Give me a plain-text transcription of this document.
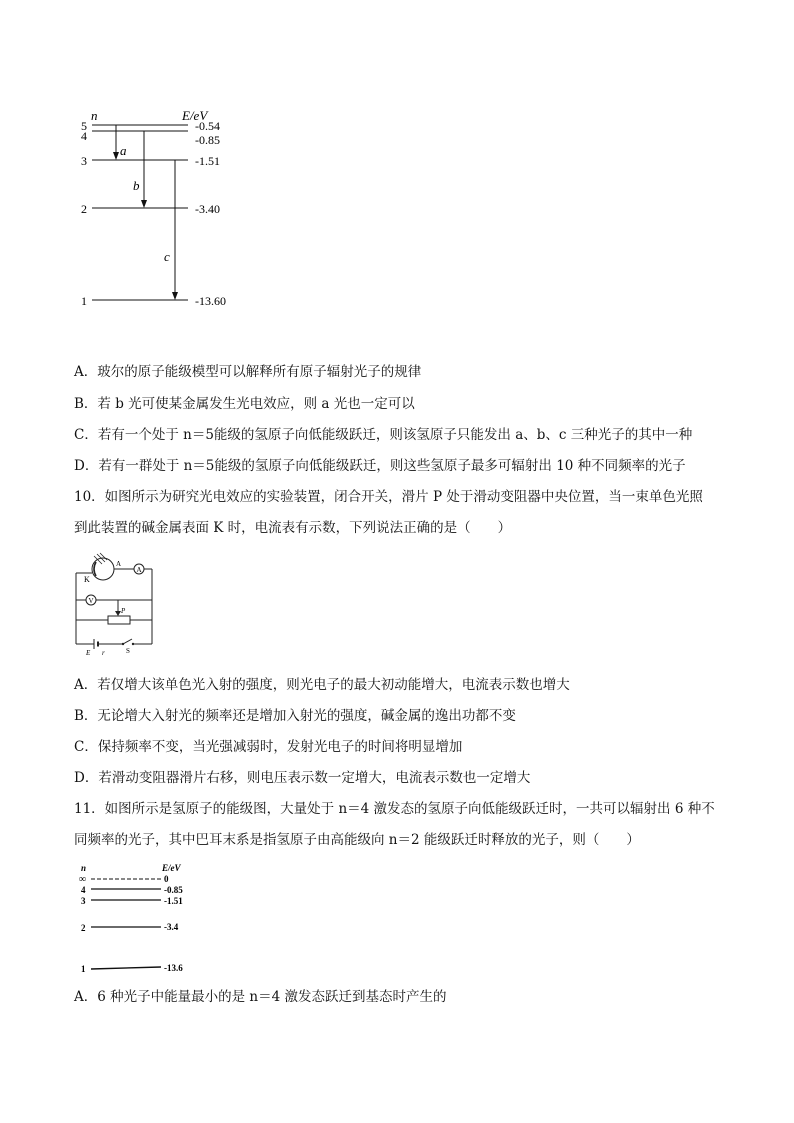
n	E/eV
5
4
3
2
1
-0.54
-0.85
-1.51
-3.40
-13.60
a
b
c
A．玻尔的原子能级模型可以解释所有原子辐射光子的规律
B．若 b 光可使某金属发生光电效应，则 a 光也一定可以
C．若有一个处于 n＝5能级的氢原子向低能级跃迁，则该氢原子只能发出 a、b、c 三种光子的其中一种
D．若有一群处于 n＝5能级的氢原子向低能级跃迁，则这些氢原子最多可辐射出 10 种不同频率的光子
10．如图所示为研究光电效应的实验装置，闭合开关，滑片 P 处于滑动变阻器中央位置，当一束单色光照
到此装置的碱金属表面 K 时，电流表有示数，下列说法正确的是（　　）
K
A
A
V
P
E r	S
A．若仅增大该单色光入射的强度，则光电子的最大初动能增大，电流表示数也增大
B．无论增大入射光的频率还是增加入射光的强度，碱金属的逸出功都不变
C．保持频率不变，当光强减弱时，发射光电子的时间将明显增加
D．若滑动变阻器滑片右移，则电压表示数一定增大，电流表示数也一定增大
11．如图所示是氢原子的能级图，大量处于 n＝4 激发态的氢原子向低能级跃迁时，一共可以辐射出 6 种不
同频率的光子，其中巴耳末系是指氢原子由高能级向 n＝2 能级跃迁时释放的光子，则（　　）
n	E/eV
∞
4
3
2
1
0
-0.85
-1.51
-3.4
-13.6
A．6 种光子中能量最小的是 n＝4 激发态跃迁到基态时产生的
